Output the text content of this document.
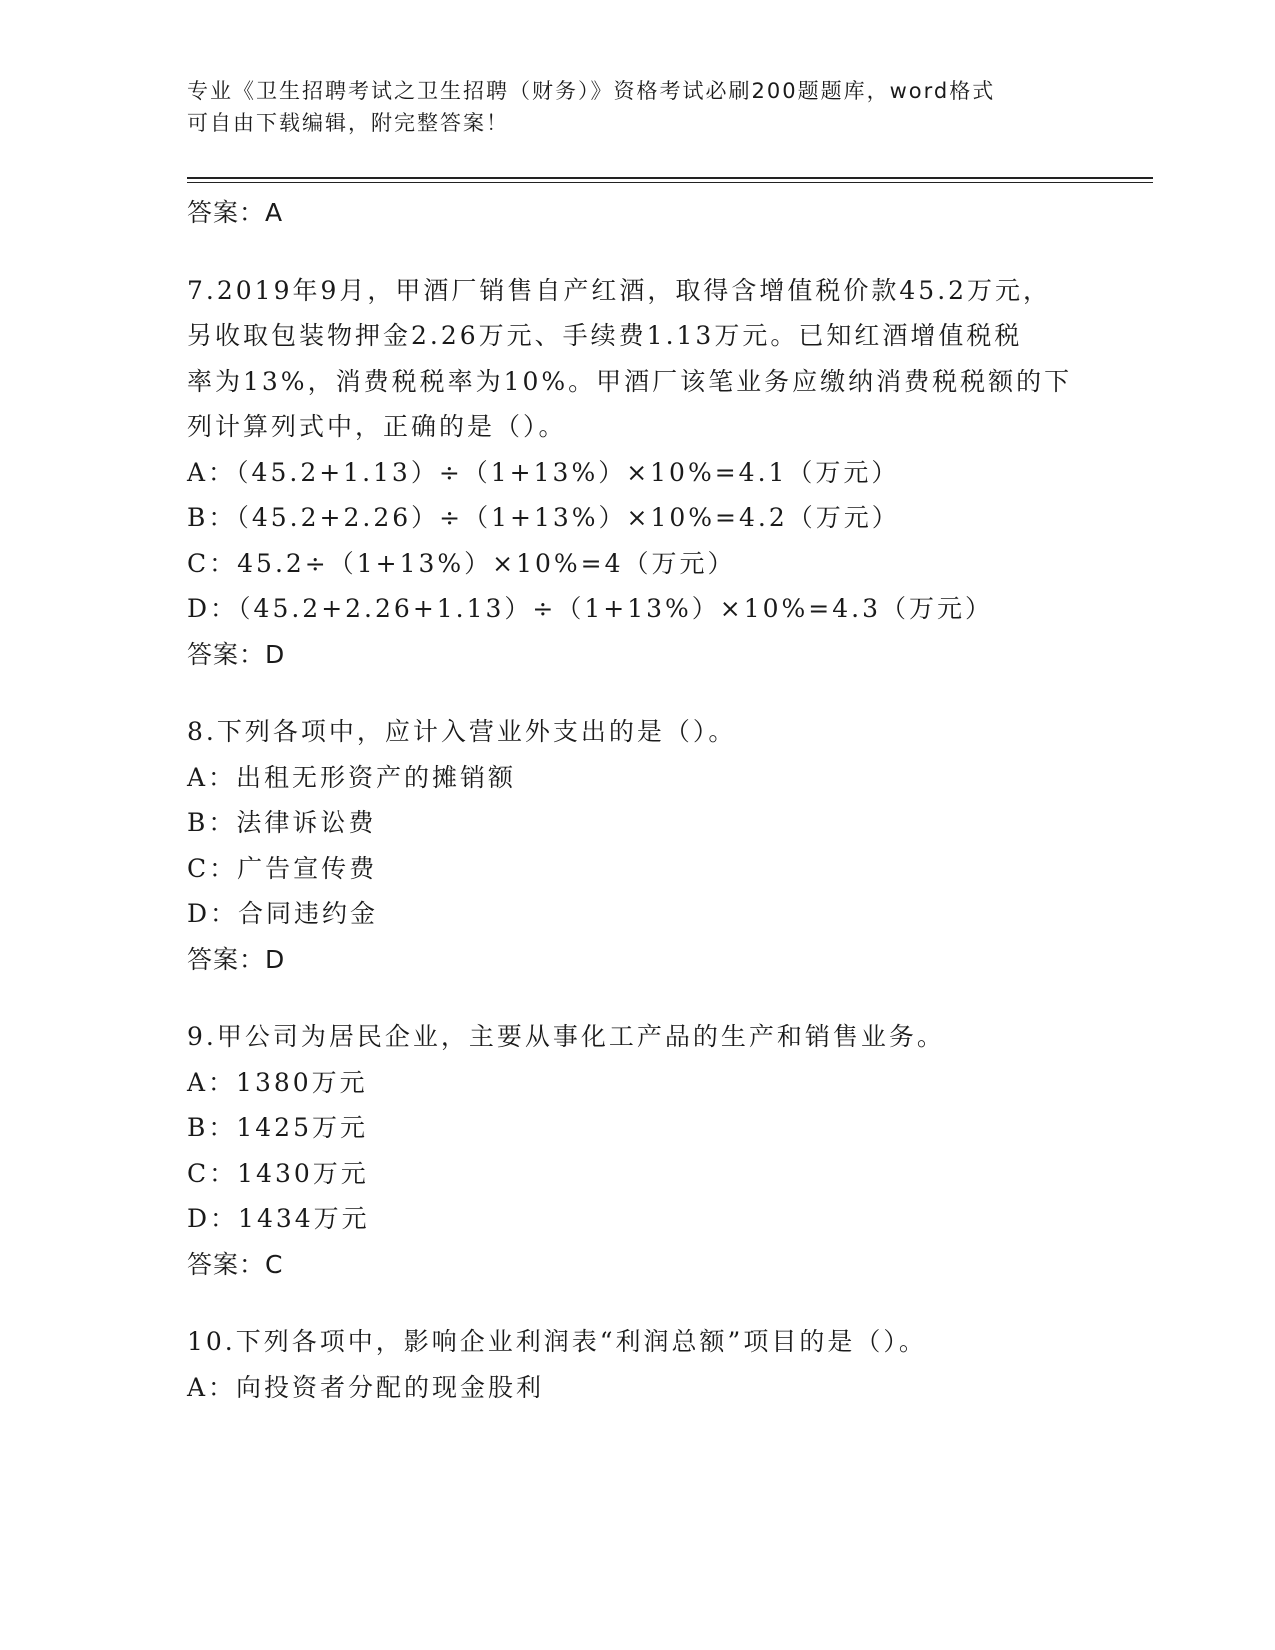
专业《卫生招聘考试之卫生招聘（财务）》资格考试必刷200题题库，word格式
可自由下载编辑，附完整答案！
答案：A
7.2019年9月，甲酒厂销售自产红酒，取得含增值税价款45.2万元，
另收取包装物押金2.26万元、手续费1.13万元。已知红酒增值税税
率为13%，消费税税率为10%。甲酒厂该笔业务应缴纳消费税税额的下
列计算列式中，正确的是（）。
A：（45.2+1.13）÷（1+13%）×10%=4.1（万元）
B：（45.2+2.26）÷（1+13%）×10%=4.2（万元）
C：45.2÷（1+13%）×10%=4（万元）
D：（45.2+2.26+1.13）÷（1+13%）×10%=4.3（万元）
答案：D
8.下列各项中，应计入营业外支出的是（）。
A：出租无形资产的摊销额
B：法律诉讼费
C：广告宣传费
D：合同违约金
答案：D
9.甲公司为居民企业，主要从事化工产品的生产和销售业务。
A：1380万元
B：1425万元
C：1430万元
D：1434万元
答案：C
10.下列各项中，影响企业利润表“利润总额”项目的是（）。
A：向投资者分配的现金股利
